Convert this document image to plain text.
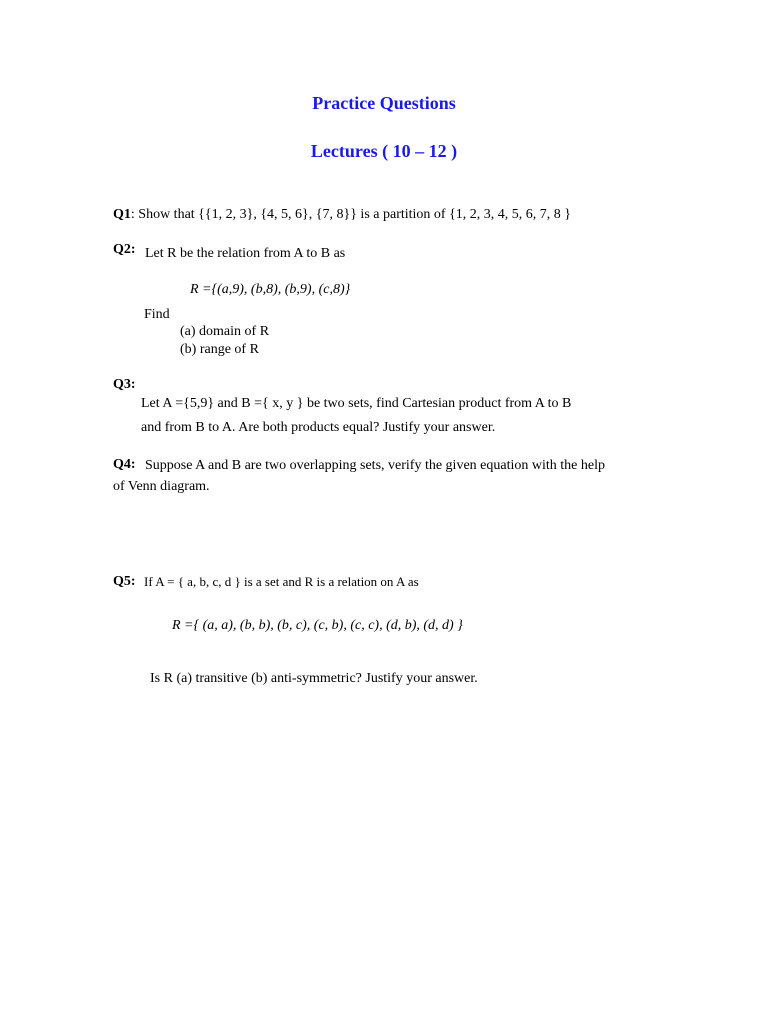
Practice Questions
Lectures ( 10 – 12 )
Q1: Show that {{1, 2, 3}, {4, 5, 6}, {7, 8}} is a partition of {1, 2, 3, 4, 5, 6, 7, 8 }
Q2: Let R be the relation from A to B as
R ={(a,9), (b,8), (b,9), (c,8)}
Find
(a) domain of R
(b) range of R
Q3:
Let A ={5,9} and B ={ x, y } be two sets, find Cartesian product from A to B
and from B to A. Are both products equal? Justify your answer.
Q4: Suppose A and B are two overlapping sets, verify the given equation with the help
of Venn diagram.
Q5: If A = { a, b, c, d } is a set and R is a relation on A as
R ={ (a, a), (b, b), (b, c), (c, b), (c, c), (d, b), (d, d) }
Is R (a) transitive (b) anti-symmetric? Justify your answer.
